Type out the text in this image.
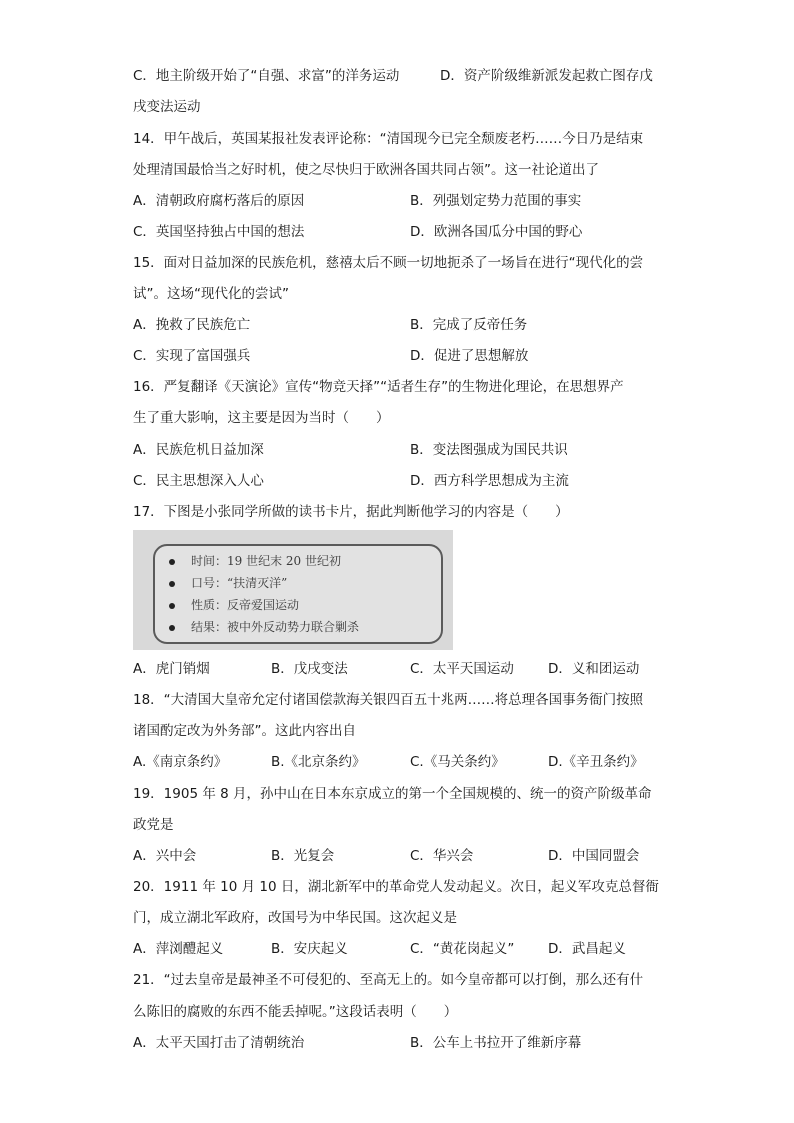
C．地主阶级开始了“自强、求富”的洋务运动	D．资产阶级维新派发起救亡图存戊
戌变法运动
14．甲午战后，英国某报社发表评论称：“清国现今已完全颓废老朽……今日乃是结束
处理清国最恰当之好时机，使之尽快归于欧洲各国共同占领”。这一社论道出了
A．清朝政府腐朽落后的原因	B．列强划定势力范围的事实
C．英国坚持独占中国的想法	D．欧洲各国瓜分中国的野心
15．面对日益加深的民族危机，慈禧太后不顾一切地扼杀了一场旨在进行“现代化的尝
试”。这场“现代化的尝试”
A．挽救了民族危亡	B．完成了反帝任务
C．实现了富国强兵	D．促进了思想解放
16．严复翻译《天演论》宣传“物竞天择”“适者生存”的生物进化理论，在思想界产
生了重大影响，这主要是因为当时（　　）
A．民族危机日益加深	B．变法图强成为国民共识
C．民主思想深入人心	D．西方科学思想成为主流
17．下图是小张同学所做的读书卡片，据此判断他学习的内容是（　　）
时间：19 世纪末 20 世纪初
口号：“扶清灭洋”
性质：反帝爱国运动
结果：被中外反动势力联合剿杀
A．虎门销烟	B．戊戌变法	C．太平天国运动	D．义和团运动
18．“大清国大皇帝允定付诸国偿款海关银四百五十兆两……将总理各国事务衙门按照
诸国酌定改为外务部”。这此内容出自
A.《南京条约》	B.《北京条约》	C.《马关条约》	D.《辛丑条约》
19．1905 年 8 月，孙中山在日本东京成立的第一个全国规模的、统一的资产阶级革命
政党是
A．兴中会	B．光复会	C．华兴会	D．中国同盟会
20．1911 年 10 月 10 日，湖北新军中的革命党人发动起义。次日，起义军攻克总督衙
门，成立湖北军政府，改国号为中华民国。这次起义是
A．萍浏醴起义	B．安庆起义	C．“黄花岗起义” D．武昌起义
21．“过去皇帝是最神圣不可侵犯的、至高无上的。如今皇帝都可以打倒，那么还有什
么陈旧的腐败的东西不能丢掉呢。”这段话表明（　　）
A．太平天国打击了清朝统治	B．公车上书拉开了维新序幕
